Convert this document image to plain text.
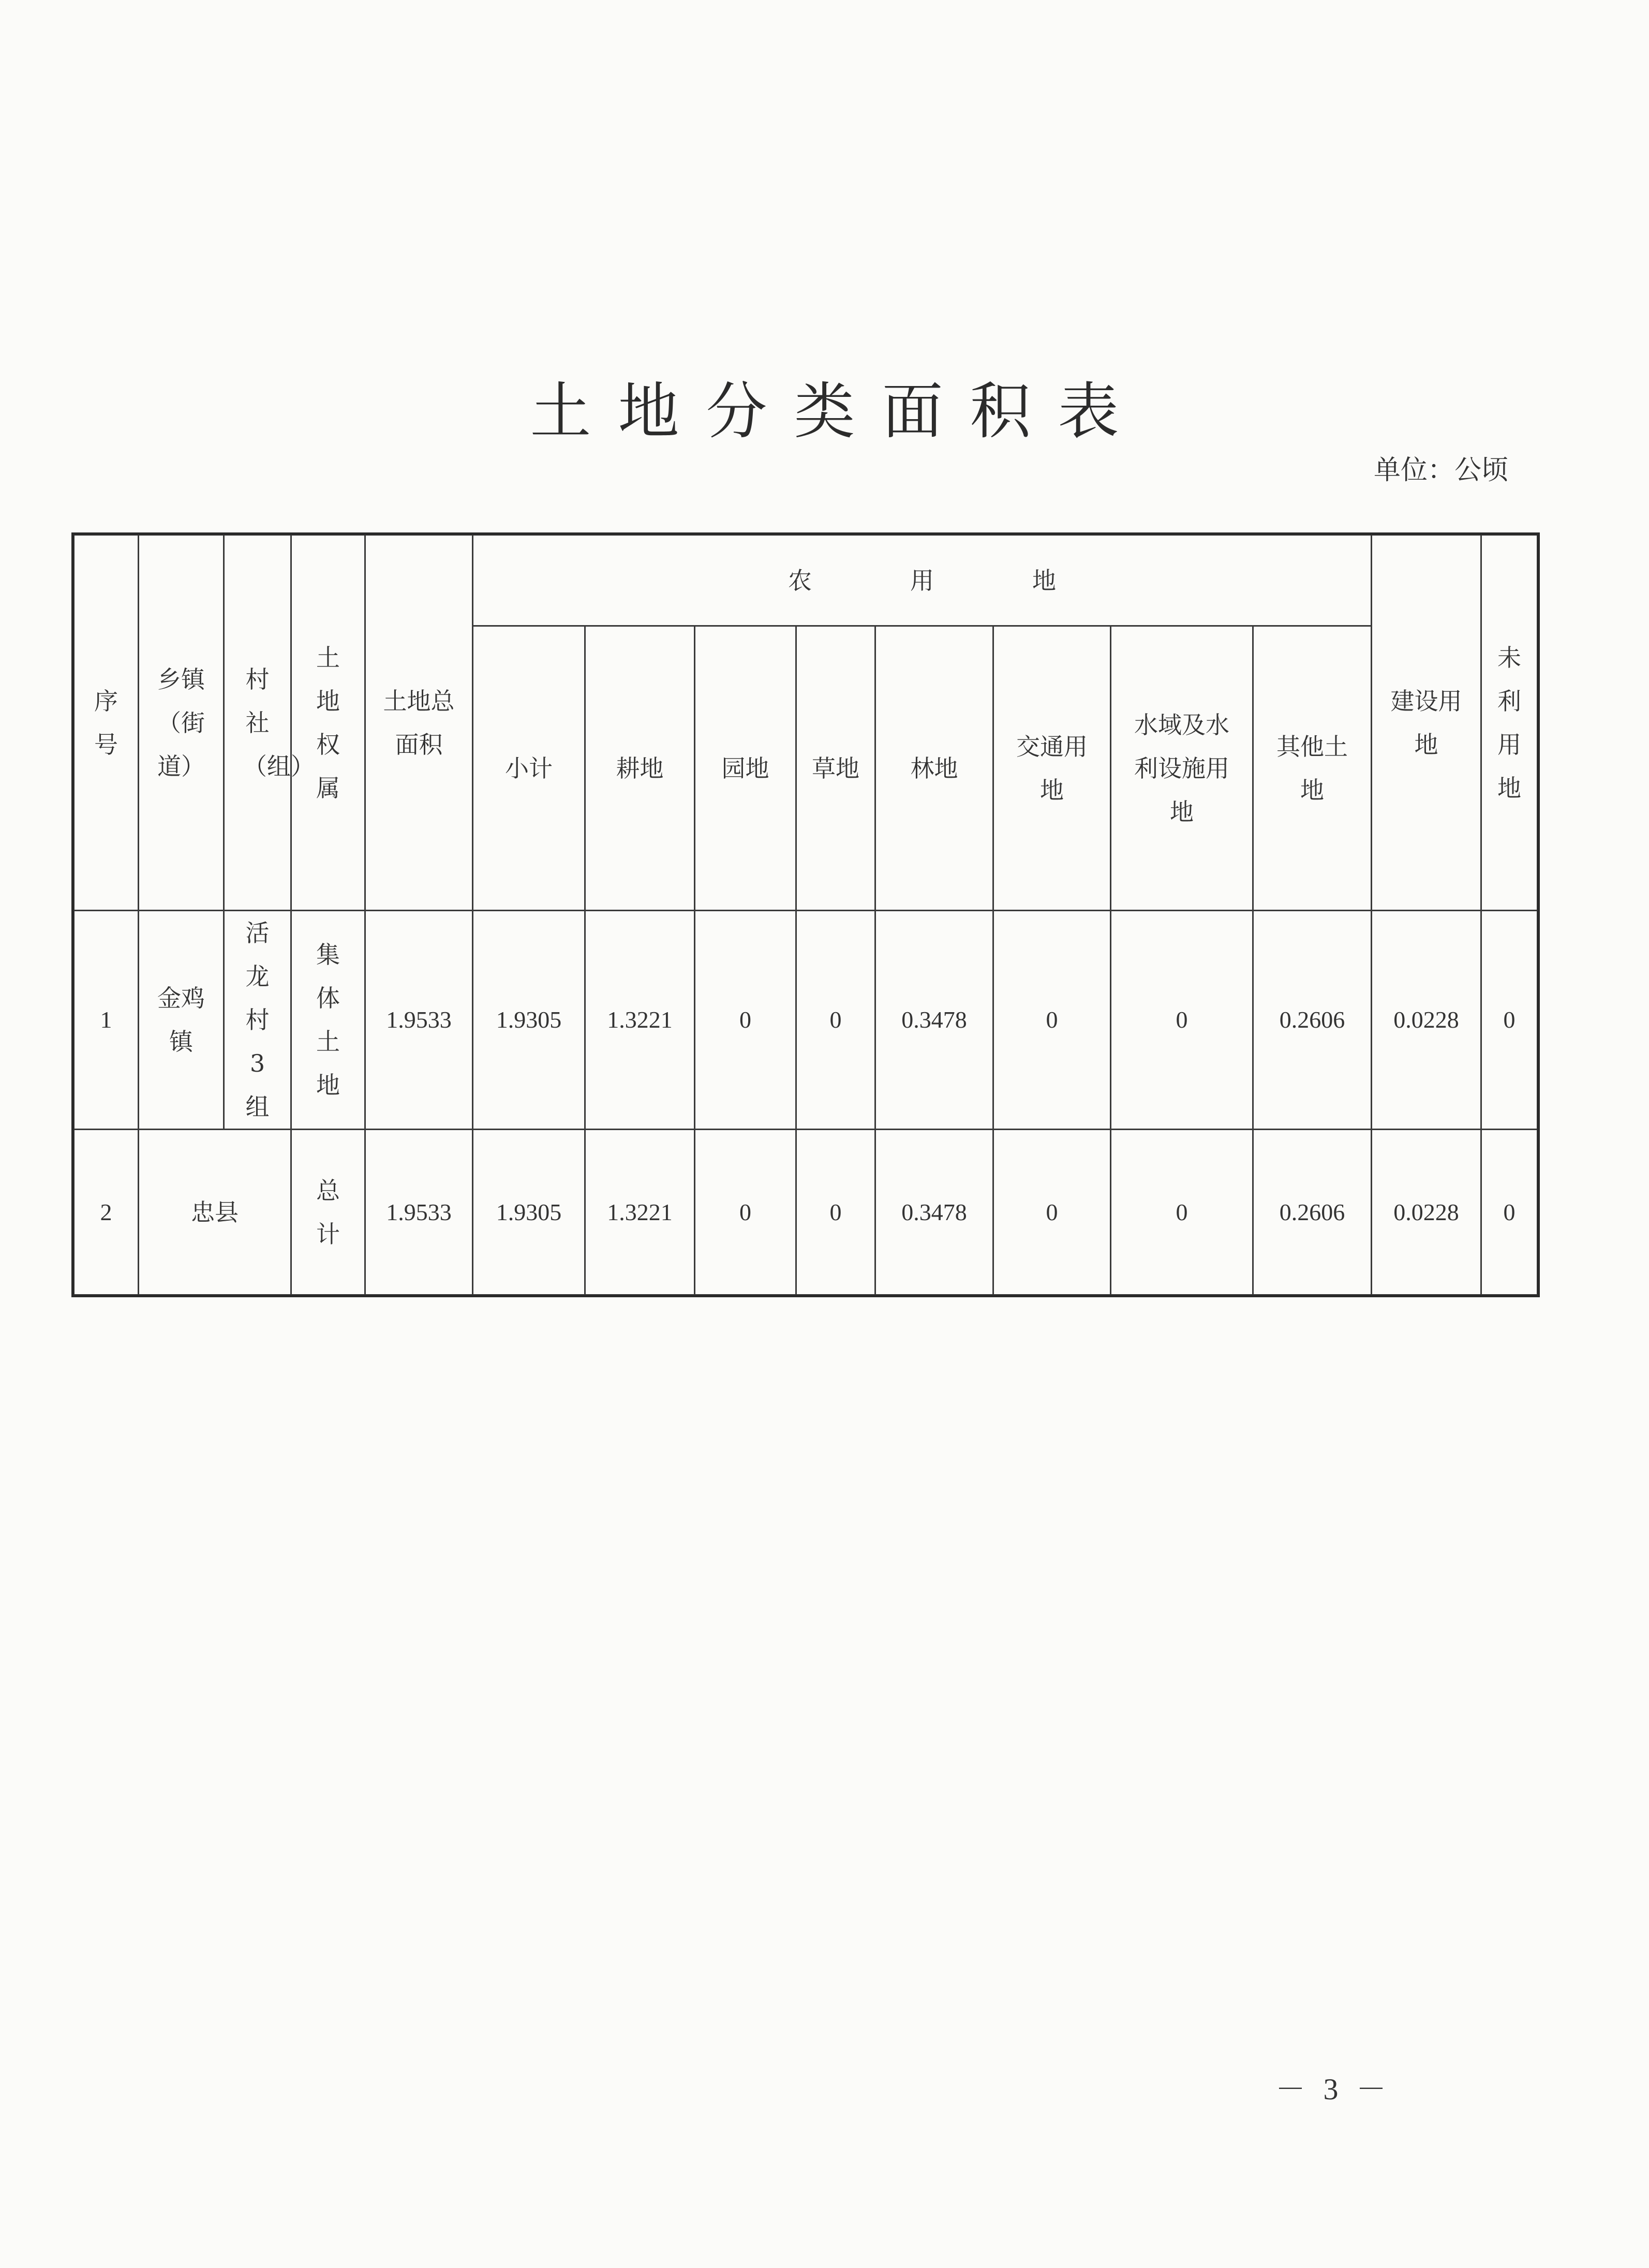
土地分类面积表
单位：公顷
序号	乡镇（街道）	村社（组）	土地权属	土地总面积	农用地								建设用地	未利用地
					小计	耕地	园地	草地	林地	交通用地	水域及水利设施用地	其他土地		
1	金鸡镇	活龙村3组	集体土地	1.9533	1.9305	1.3221	0	0	0.3478	0	0	0.2606	0.0228	0
2	忠县		总计	1.9533	1.9305	1.3221	0	0	0.3478	0	0	0.2606	0.0228	0
－ 3 －
